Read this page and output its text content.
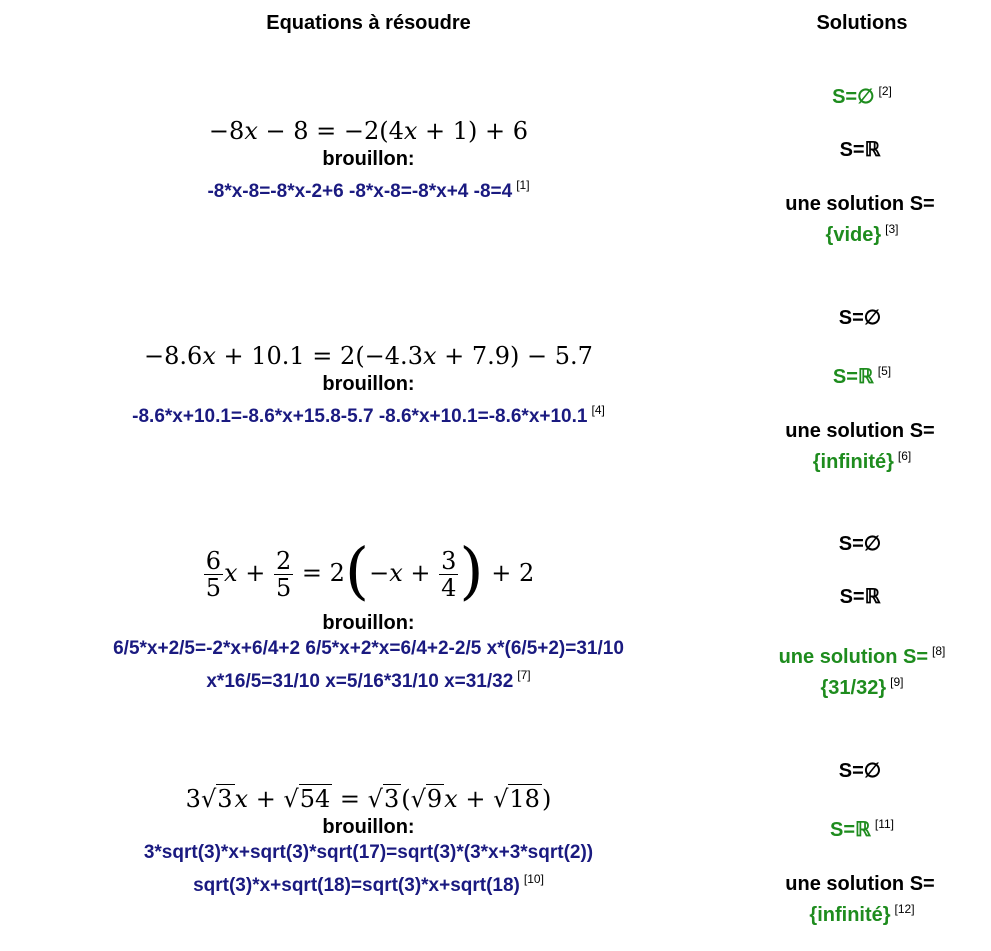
Equations à résoudre	Solutions
−8x − 8 = −2(4x + 1) + 6
brouillon:
-8*x-8=-8*x-2+6 -8*x-8=-8*x+4 -8=4 [1]
−8.6x + 10.1 = 2(−4.3x + 7.9) − 5.7
brouillon:
-8.6*x+10.1=-8.6*x+15.8-5.7 -8.6*x+10.1=-8.6*x+10.1 [4]
$\frac{6}{5}$ $x + \frac{2}{5} = 2(-x + \frac{3}{4}$ ) + 2
brouillon:
6/5*x+2/5=-2*x+6/4+2 6/5*x+2*x=6/4+2-2/5 x*(6/5+2)=31/10
x*16/5=31/10 x=5/16*31/10 x=31/32 [7]
3√3x + √54 = √3(√9x + √18)
brouillon:
3*sqrt(3)*x+sqrt(3)*sqrt(17)=sqrt(3)*(3*x+3*sqrt(2))
sqrt(3)*x+sqrt(18)=sqrt(3)*x+sqrt(18) [10]
S=∅ [2]
S=ℝ
une solution S=
{vide} [3]
S=∅
S=ℝ [5]
une solution S=
{infinité} [6]
S=∅
S=ℝ
une solution S= [8]
{31/32} [9]
S=∅
S=ℝ [11]
une solution S=
{infinité} [12]
